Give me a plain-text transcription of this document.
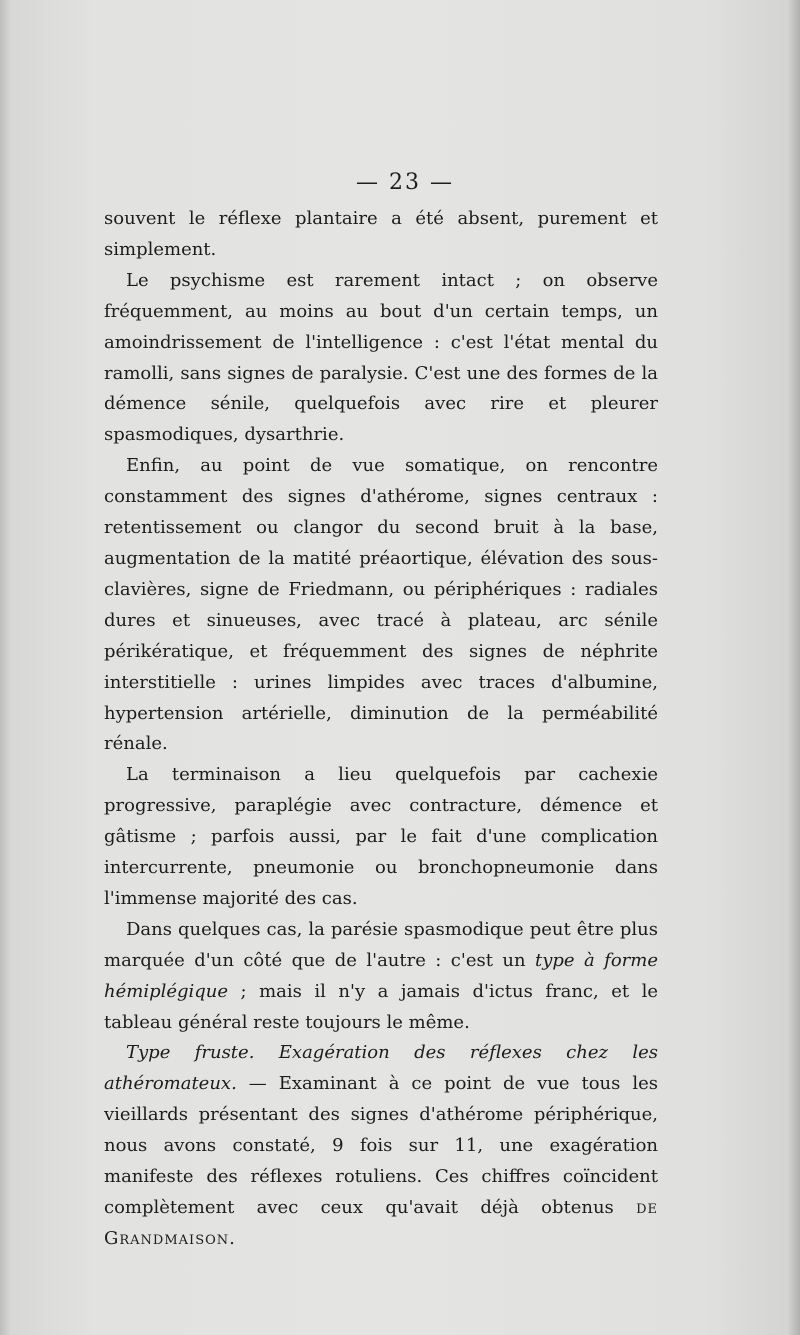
— 23 —

souvent le réflexe plantaire a été absent, purement et simplement.

Le psychisme est rarement intact ; on observe fréquemment, au moins au bout d'un certain temps, un amoindrissement de l'intelligence : c'est l'état mental du ramolli, sans signes de paralysie. C'est une des formes de la démence sénile, quelquefois avec rire et pleurer spasmodiques, dysarthrie.

Enfin, au point de vue somatique, on rencontre constamment des signes d'athérome, signes centraux : retentissement ou clangor du second bruit à la base, augmentation de la matité préaortique, élévation des sous-clavières, signe de Friedmann, ou périphériques : radiales dures et sinueuses, avec tracé à plateau, arc sénile périkératique, et fréquemment des signes de néphrite interstitielle : urines limpides avec traces d'albumine, hypertension artérielle, diminution de la perméabilité rénale.

La terminaison a lieu quelquefois par cachexie progressive, paraplégie avec contracture, démence et gâtisme ; parfois aussi, par le fait d'une complication intercurrente, pneumonie ou bronchopneumonie dans l'immense majorité des cas.

Dans quelques cas, la parésie spasmodique peut être plus marquée d'un côté que de l'autre : c'est un type à forme hémiplégique ; mais il n'y a jamais d'ictus franc, et le tableau général reste toujours le même.

Type fruste. Exagération des réflexes chez les athéromateux. — Examinant à ce point de vue tous les vieillards présentant des signes d'athérome périphérique, nous avons constaté, 9 fois sur 11, une exagération manifeste des réflexes rotuliens. Ces chiffres coïncident complètement avec ceux qu'avait déjà obtenus de Grandmaison.
